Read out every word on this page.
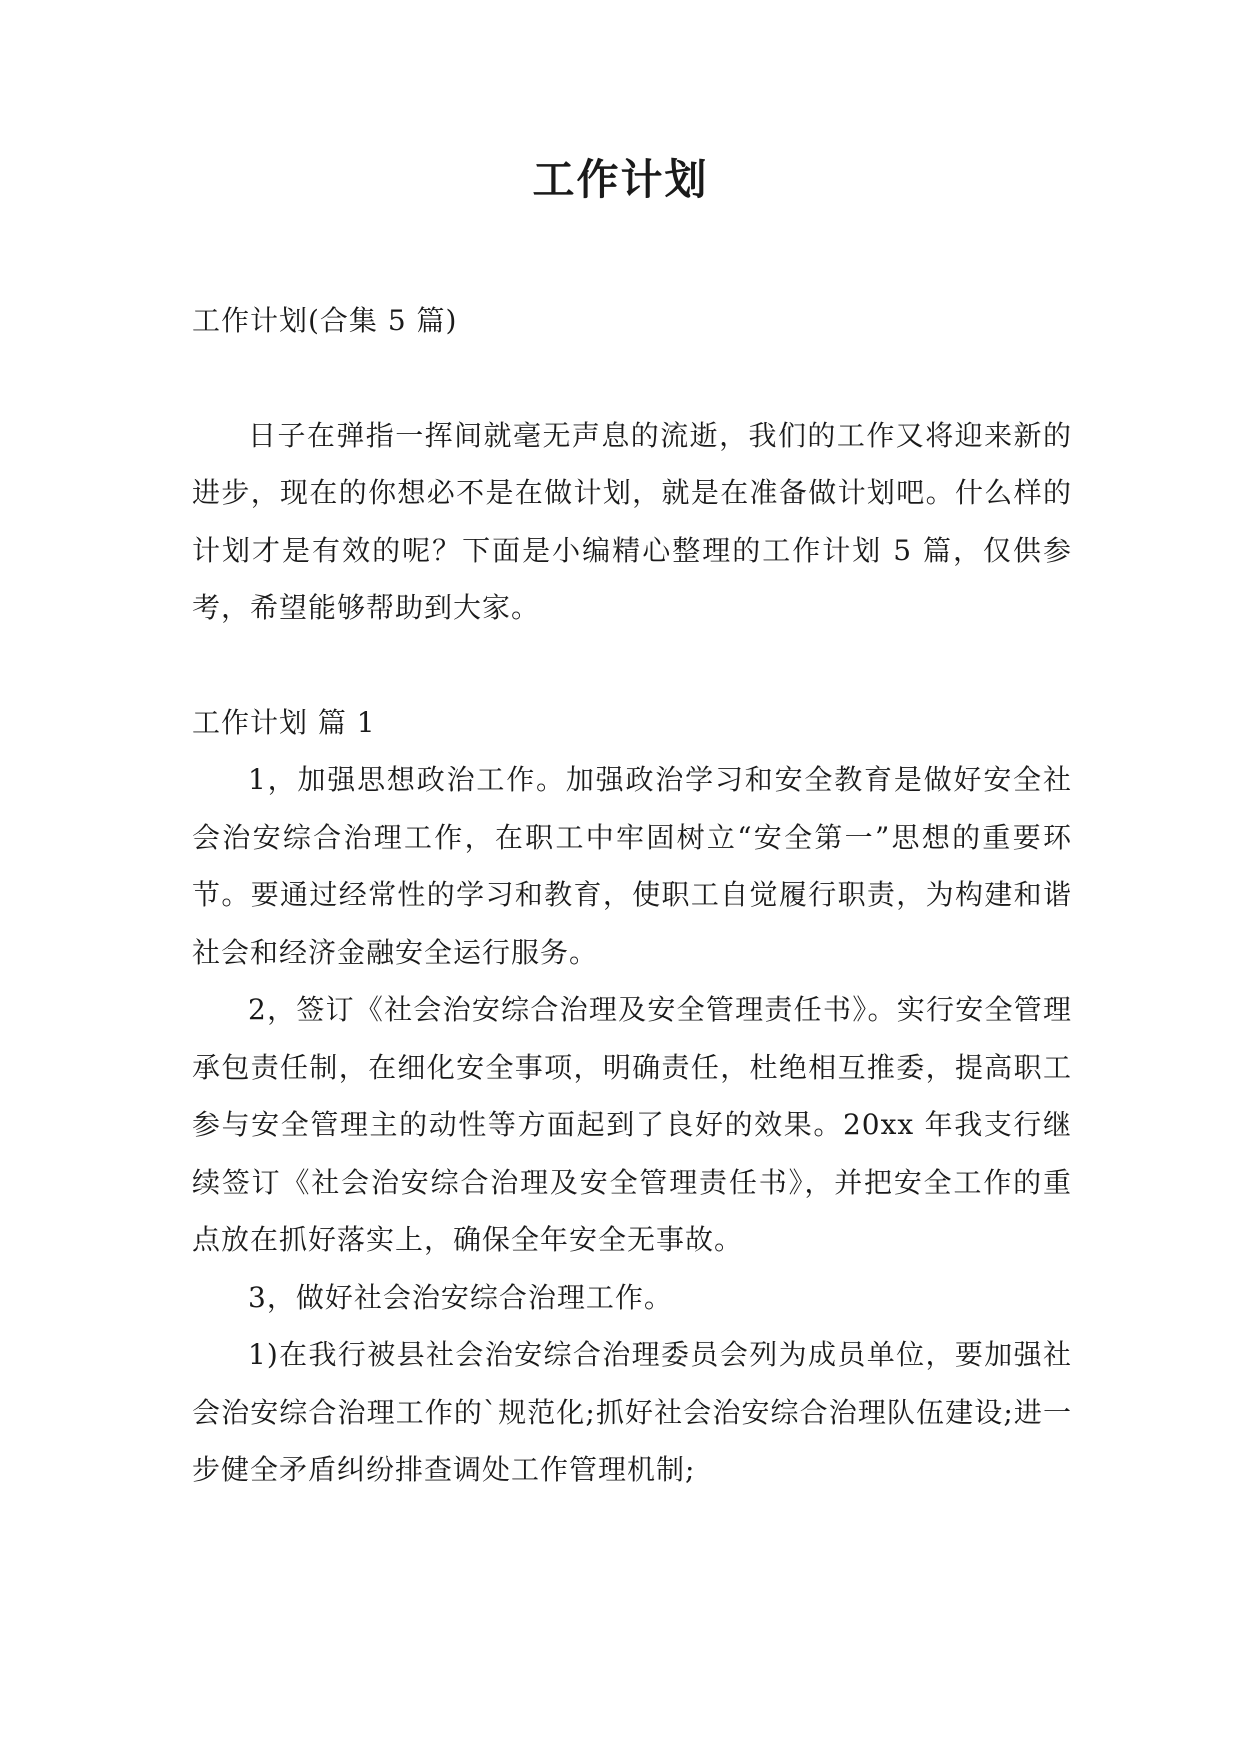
工作计划

工作计划(合集 5 篇)

日子在弹指一挥间就毫无声息的流逝，我们的工作又将迎来新的进步，现在的你想必不是在做计划，就是在准备做计划吧。什么样的计划才是有效的呢？下面是小编精心整理的工作计划 5 篇，仅供参考，希望能够帮助到大家。

工作计划 篇 1

1，加强思想政治工作。加强政治学习和安全教育是做好安全社会治安综合治理工作，在职工中牢固树立“安全第一”思想的重要环节。要通过经常性的学习和教育，使职工自觉履行职责，为构建和谐社会和经济金融安全运行服务。

2，签订《社会治安综合治理及安全管理责任书》。实行安全管理承包责任制，在细化安全事项，明确责任，杜绝相互推委，提高职工参与安全管理主的动性等方面起到了良好的效果。20xx 年我支行继续签订《社会治安综合治理及安全管理责任书》，并把安全工作的重点放在抓好落实上，确保全年安全无事故。

3，做好社会治安综合治理工作。

1)在我行被县社会治安综合治理委员会列为成员单位，要加强社会治安综合治理工作的`规范化;抓好社会治安综合治理队伍建设;进一步健全矛盾纠纷排查调处工作管理机制;
